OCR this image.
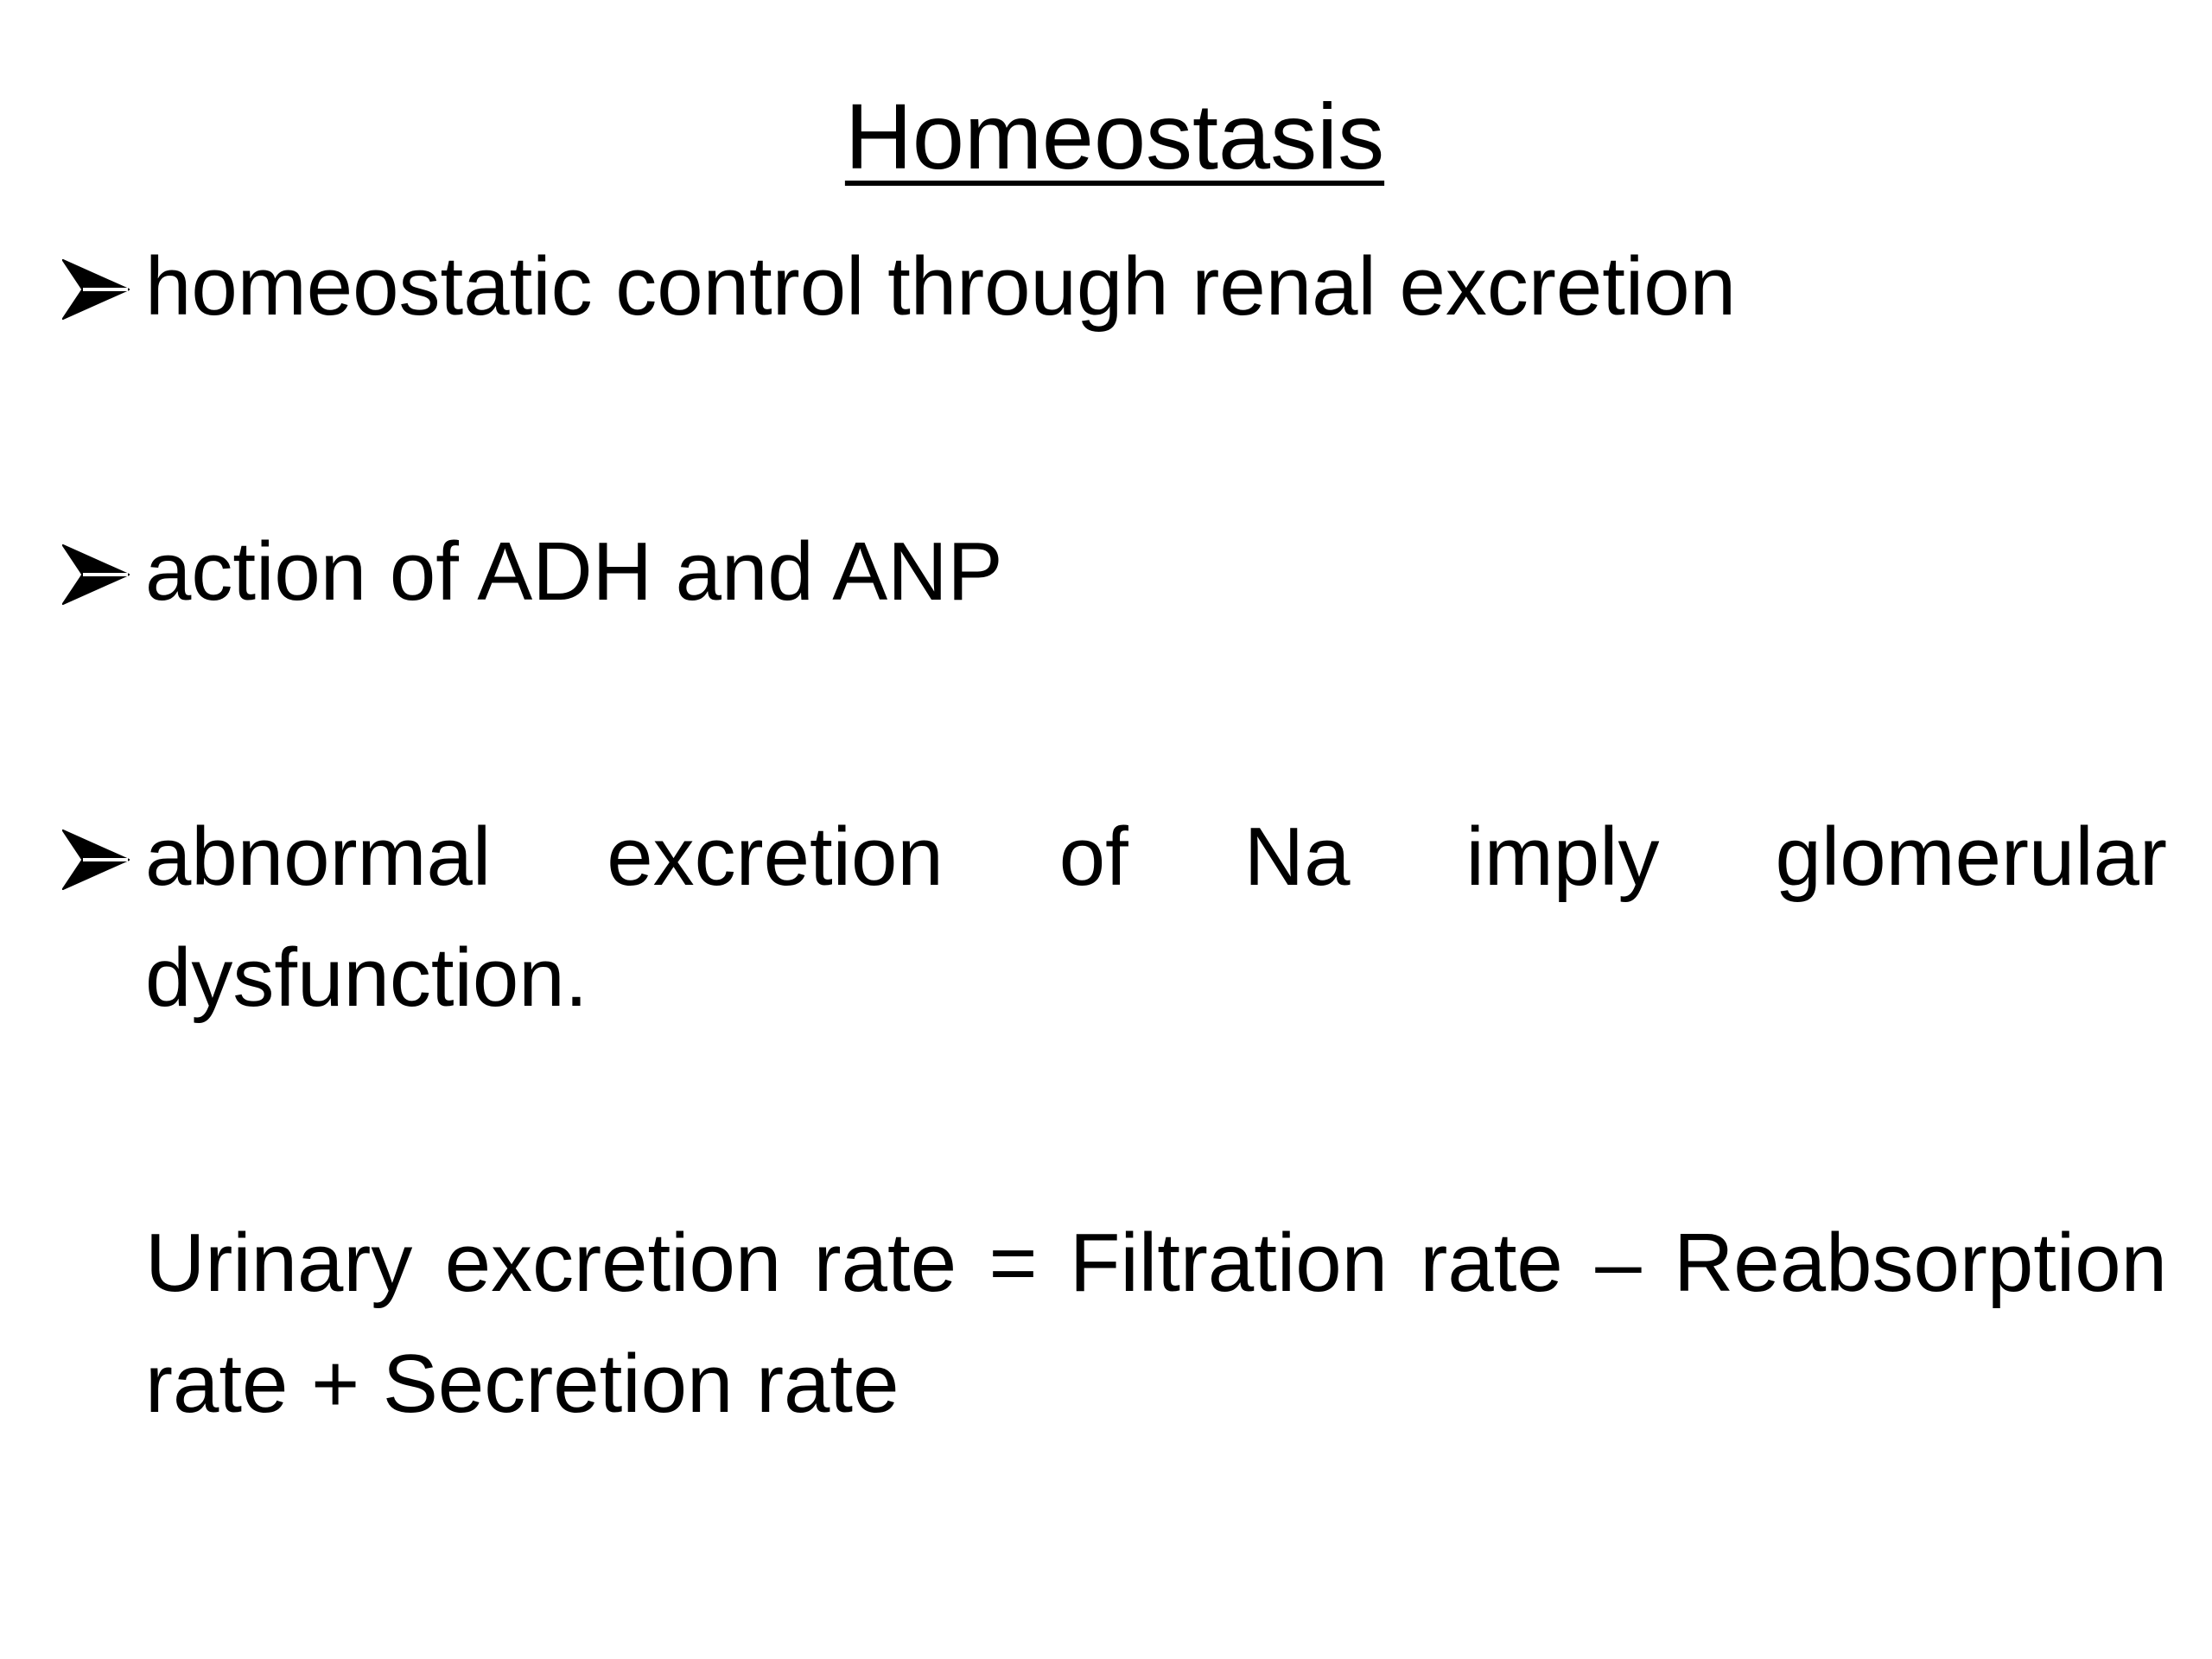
Homeostasis
homeostatic control through renal excretion
action of ADH and ANP
abnormal excretion of Na imply glomerular dysfunction.
Urinary excretion rate = Filtration rate – Reabsorption rate + Secretion rate
